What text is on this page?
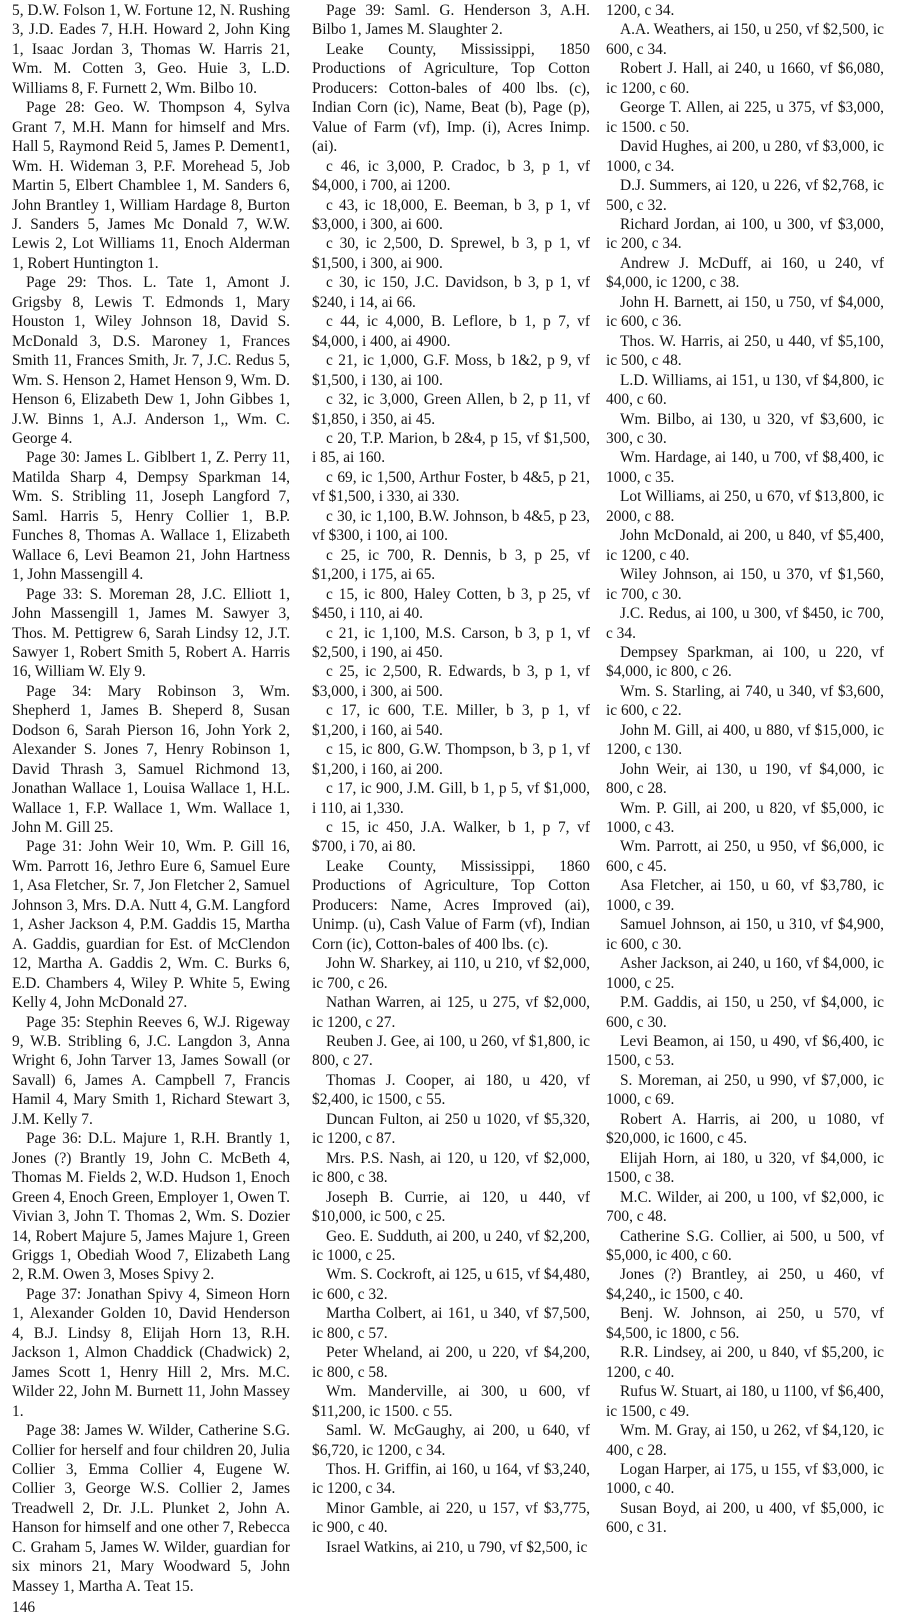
5, D.W. Folson 1, W. Fortune 12, N. Rushing 3, J.D. Eades 7, H.H. Howard 2, John King 1, Isaac Jordan 3, Thomas W. Harris 21, Wm. M. Cotten 3, Geo. Huie 3, L.D. Williams 8, F. Furnett 2, Wm. Bilbo 10.

Page 28: Geo. W. Thompson 4, Sylva Grant 7, M.H. Mann for himself and Mrs. Hall 5, Raymond Reid 5, James P. Dement1, Wm. H. Wideman 3, P.F. Morehead 5, Job Martin 5, Elbert Chamblee 1, M. Sanders 6, John Brantley 1, William Hardage 8, Burton J. Sanders 5, James Mc Donald 7, W.W. Lewis 2, Lot Williams 11, Enoch Alderman 1, Robert Huntington 1.

Page 29: Thos. L. Tate 1, Amont J. Grigsby 8, Lewis T. Edmonds 1, Mary Houston 1, Wiley Johnson 18, David S. McDonald 3, D.S. Maroney 1, Frances Smith 11, Frances Smith, Jr. 7, J.C. Redus 5, Wm. S. Henson 2, Hamet Henson 9, Wm. D. Henson 6, Elizabeth Dew 1, John Gibbes 1, J.W. Binns 1, A.J. Anderson 1,, Wm. C. George 4.

Page 30: James L. Giblbert 1, Z. Perry 11, Matilda Sharp 4, Dempsy Sparkman 14, Wm. S. Stribling 11, Joseph Langford 7, Saml. Harris 5, Henry Collier 1, B.P. Funches 8, Thomas A. Wallace 1, Elizabeth Wallace 6, Levi Beamon 21, John Hartness 1, John Massengill 4.

Page 33: S. Moreman 28, J.C. Elliott 1, John Massengill 1, James M. Sawyer 3, Thos. M. Pettigrew 6, Sarah Lindsy 12, J.T. Sawyer 1, Robert Smith 5, Robert A. Harris 16, William W. Ely 9.

Page 34: Mary Robinson 3, Wm. Shepherd 1, James B. Sheperd 8, Susan Dodson 6, Sarah Pierson 16, John York 2, Alexander S. Jones 7, Henry Robinson 1, David Thrash 3, Samuel Richmond 13, Jonathan Wallace 1, Louisa Wallace 1, H.L. Wallace 1, F.P. Wallace 1, Wm. Wallace 1, John M. Gill 25.

Page 31: John Weir 10, Wm. P. Gill 16, Wm. Parrott 16, Jethro Eure 6, Samuel Eure 1, Asa Fletcher, Sr. 7, Jon Fletcher 2, Samuel Johnson 3, Mrs. D.A. Nutt 4, G.M. Langford 1, Asher Jackson 4, P.M. Gaddis 15, Martha A. Gaddis, guardian for Est. of McClendon 12, Martha A. Gaddis 2, Wm. C. Burks 6, E.D. Chambers 4, Wiley P. White 5, Ewing Kelly 4, John McDonald 27.

Page 35: Stephin Reeves 6, W.J. Rigeway 9, W.B. Stribling 6, J.C. Langdon 3, Anna Wright 6, John Tarver 13, James Sowall (or Savall) 6, James A. Campbell 7, Francis Hamil 4, Mary Smith 1, Richard Stewart 3, J.M. Kelly 7.

Page 36: D.L. Majure 1, R.H. Brantly 1, Jones (?) Brantly 19, John C. McBeth 4, Thomas M. Fields 2, W.D. Hudson 1, Enoch Green 4, Enoch Green, Employer 1, Owen T. Vivian 3, John T. Thomas 2, Wm. S. Dozier 14, Robert Majure 5, James Majure 1, Green Griggs 1, Obediah Wood 7, Elizabeth Lang 2, R.M. Owen 3, Moses Spivy 2.

Page 37: Jonathan Spivy 4, Simeon Horn 1, Alexander Golden 10, David Henderson 4, B.J. Lindsy 8, Elijah Horn 13, R.H. Jackson 1, Almon Chaddick (Chadwick) 2, James Scott 1, Henry Hill 2, Mrs. M.C. Wilder 22, John M. Burnett 11, John Massey 1.

Page 38: James W. Wilder, Catherine S.G. Collier for herself and four children 20, Julia Collier 3, Emma Collier 4, Eugene W. Collier 3, George W.S. Collier 2, James Treadwell 2, Dr. J.L. Plunket 2, John A. Hanson for himself and one other 7, Rebecca C. Graham 5, James W. Wilder, guardian for six minors 21, Mary Woodward 5, John Massey 1, Martha A. Teat 15.

146

Page 39: Saml. G. Henderson 3, A.H. Bilbo 1, James M. Slaughter 2.

Leake County, Mississippi, 1850 Productions of Agriculture, Top Cotton Producers: Cotton-bales of 400 lbs. (c), Indian Corn (ic), Name, Beat (b), Page (p), Value of Farm (vf), Imp. (i), Acres Inimp. (ai).

c 46, ic 3,000, P. Cradoc, b 3, p 1, vf $4,000, i 700, ai 1200.

c 43, ic 18,000, E. Beeman, b 3, p 1, vf $3,000, i 300, ai 600.

c 30, ic 2,500, D. Sprewel, b 3, p 1, vf $1,500, i 300, ai 900.

c 30, ic 150, J.C. Davidson, b 3, p 1, vf $240, i 14, ai 66.

c 44, ic 4,000, B. Leflore, b 1, p 7, vf $4,000, i 400, ai 4900.

c 21, ic 1,000, G.F. Moss, b 1&2, p 9, vf $1,500, i 130, ai 100.

c 32, ic 3,000, Green Allen, b 2, p 11, vf $1,850, i 350, ai 45.

c 20, T.P. Marion, b 2&4, p 15, vf $1,500, i 85, ai 160.

c 69, ic 1,500, Arthur Foster, b 4&5, p 21, vf $1,500, i 330, ai 330.

c 30, ic 1,100, B.W. Johnson, b 4&5, p 23, vf $300, i 100, ai 100.

c 25, ic 700, R. Dennis, b 3, p 25, vf $1,200, i 175, ai 65.

c 15, ic 800, Haley Cotten, b 3, p 25, vf $450, i 110, ai 40.

c 21, ic 1,100, M.S. Carson, b 3, p 1, vf $2,500, i 190, ai 450.

c 25, ic 2,500, R. Edwards, b 3, p 1, vf $3,000, i 300, ai 500.

c 17, ic 600, T.E. Miller, b 3, p 1, vf $1,200, i 160, ai 540.

c 15, ic 800, G.W. Thompson, b 3, p 1, vf $1,200, i 160, ai 200.

c 17, ic 900, J.M. Gill, b 1, p 5, vf $1,000, i 110, ai 1,330.

c 15, ic 450, J.A. Walker, b 1, p 7, vf $700, i 70, ai 80.

Leake County, Mississippi, 1860 Productions of Agriculture, Top Cotton Producers: Name, Acres Improved (ai), Unimp. (u), Cash Value of Farm (vf), Indian Corn (ic), Cotton-bales of 400 lbs. (c).

John W. Sharkey, ai 110, u 210, vf $2,000, ic 700, c 26.

Nathan Warren, ai 125, u 275, vf $2,000, ic 1200, c 27.

Reuben J. Gee, ai 100, u 260, vf $1,800, ic 800, c 27.

Thomas J. Cooper, ai 180, u 420, vf $2,400, ic 1500, c 55.

Duncan Fulton, ai 250 u 1020, vf $5,320, ic 1200, c 87.

Mrs. P.S. Nash, ai 120, u 120, vf $2,000, ic 800, c 38.

Joseph B. Currie, ai 120, u 440, vf $10,000, ic 500, c 25.

Geo. E. Sudduth, ai 200, u 240, vf $2,200, ic 1000, c 25.

Wm. S. Cockroft, ai 125, u 615, vf $4,480, ic 600, c 32.

Martha Colbert, ai 161, u 340, vf $7,500, ic 800, c 57.

Peter Wheland, ai 200, u 220, vf $4,200, ic 800, c 58.

Wm. Manderville, ai 300, u 600, vf $11,200, ic 1500. c 55.

Saml. W. McGaughy, ai 200, u 640, vf $6,720, ic 1200, c 34.

Thos. H. Griffin, ai 160, u 164, vf $3,240, ic 1200, c 34.

Minor Gamble, ai 220, u 157, vf $3,775, ic 900, c 40.

Israel Watkins, ai 210, u 790, vf $2,500, ic

1200, c 34.

A.A. Weathers, ai 150, u 250, vf $2,500, ic 600, c 34.

Robert J. Hall, ai 240, u 1660, vf $6,080, ic 1200, c 60.

George T. Allen, ai 225, u 375, vf $3,000, ic 1500. c 50.

David Hughes, ai 200, u 280, vf $3,000, ic 1000, c 34.

D.J. Summers, ai 120, u 226, vf $2,768, ic 500, c 32.

Richard Jordan, ai 100, u 300, vf $3,000, ic 200, c 34.

Andrew J. McDuff, ai 160, u 240, vf $4,000, ic 1200, c 38.

John H. Barnett, ai 150, u 750, vf $4,000, ic 600, c 36.

Thos. W. Harris, ai 250, u 440, vf $5,100, ic 500, c 48.

L.D. Williams, ai 151, u 130, vf $4,800, ic 400, c 60.

Wm. Bilbo, ai 130, u 320, vf $3,600, ic 300, c 30.

Wm. Hardage, ai 140, u 700, vf $8,400, ic 1000, c 35.

Lot Williams, ai 250, u 670, vf $13,800, ic 2000, c 88.

John McDonald, ai 200, u 840, vf $5,400, ic 1200, c 40.

Wiley Johnson, ai 150, u 370, vf $1,560, ic 700, c 30.

J.C. Redus, ai 100, u 300, vf $450, ic 700, c 34.

Dempsey Sparkman, ai 100, u 220, vf $4,000, ic 800, c 26.

Wm. S. Starling, ai 740, u 340, vf $3,600, ic 600, c 22.

John M. Gill, ai 400, u 880, vf $15,000, ic 1200, c 130.

John Weir, ai 130, u 190, vf $4,000, ic 800, c 28.

Wm. P. Gill, ai 200, u 820, vf $5,000, ic 1000, c 43.

Wm. Parrott, ai 250, u 950, vf $6,000, ic 600, c 45.

Asa Fletcher, ai 150, u 60, vf $3,780, ic 1000, c 39.

Samuel Johnson, ai 150, u 310, vf $4,900, ic 600, c 30.

Asher Jackson, ai 240, u 160, vf $4,000, ic 1000, c 25.

P.M. Gaddis, ai 150, u 250, vf $4,000, ic 600, c 30.

Levi Beamon, ai 150, u 490, vf $6,400, ic 1500, c 53.

S. Moreman, ai 250, u 990, vf $7,000, ic 1000, c 69.

Robert A. Harris, ai 200, u 1080, vf $20,000, ic 1600, c 45.

Elijah Horn, ai 180, u 320, vf $4,000, ic 1500, c 38.

M.C. Wilder, ai 200, u 100, vf $2,000, ic 700, c 48.

Catherine S.G. Collier, ai 500, u 500, vf $5,000, ic 400, c 60.

Jones (?) Brantley, ai 250, u 460, vf $4,240,, ic 1500, c 40.

Benj. W. Johnson, ai 250, u 570, vf $4,500, ic 1800, c 56.

R.R. Lindsey, ai 200, u 840, vf $5,200, ic 1200, c 40.

Rufus W. Stuart, ai 180, u 1100, vf $6,400, ic 1500, c 49.

Wm. M. Gray, ai 150, u 262, vf $4,120, ic 400, c 28.

Logan Harper, ai 175, u 155, vf $3,000, ic 1000, c 40.

Susan Boyd, ai 200, u 400, vf $5,000, ic 600, c 31.
